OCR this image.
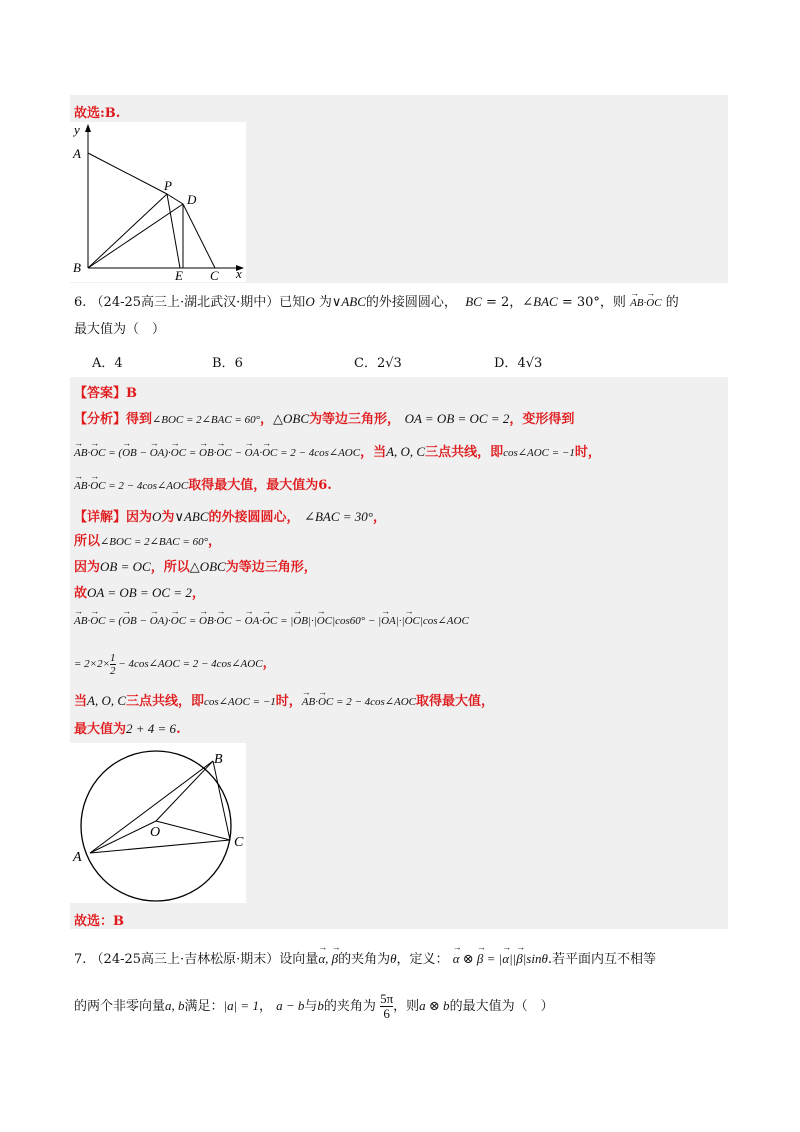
故选:B.
y
A
P
D
B
E C x
6. （24-25高三上·湖北武汉·期中）已知O 为∨ABC的外接圆圆心， BC = 2，∠BAC = 30°，则 → AB·→ OC 的
最大值为（　）
A．4	B．6	C．2√3	D．4√3
【答案】B
【分析】得到∠BOC = 2∠BAC = 60°，△OBC为等边三角形， OA = OB = OC = 2，变形得到
→ AB·→ OC = (→ OB − → OA)·→ OC = → OB·→ OC − → OA·→ OC = 2 − 4cos∠AOC，当A, O, C三点共线，即cos∠AOC = −1时，
→ AB·→ OC = 2 − 4cos∠AOC取得最大值，最大值为6.
【详解】因为O为∨ABC的外接圆圆心， ∠BAC = 30°，
所以∠BOC = 2∠BAC = 60°，
因为OB = OC，所以△OBC为等边三角形，
故OA = OB = OC = 2，
→ AB·→ OC = (→ OB − → OA)·→ OC = → OB·→ OC − → OA·→ OC = |→ OB|·|→ OC|cos60° − |→ OA|·|→ OC|cos∠AOC
= $2\times 2\times \frac{1}{2}$ − 4cos∠AOC = 2 − 4cos∠AOC，
当A, O, C三点共线，即cos∠AOC = −1时，→ AB·→ OC = 2 − 4cos∠AOC取得最大值，
最大值为2 + 4 = 6.
B
O
A
C
故选：B
7. （24-25高三上·吉林松原·期末）设向量→ α, → β的夹角为θ，定义： → α ⊗ → β = |→ α||→ β|sinθ.若平面内互不相等
的两个非零向量a, b满足：|a| = 1， a − b与b的夹角为 $\frac{5\pi}{6}$ ，则a ⊗ b的最大值为（　）
